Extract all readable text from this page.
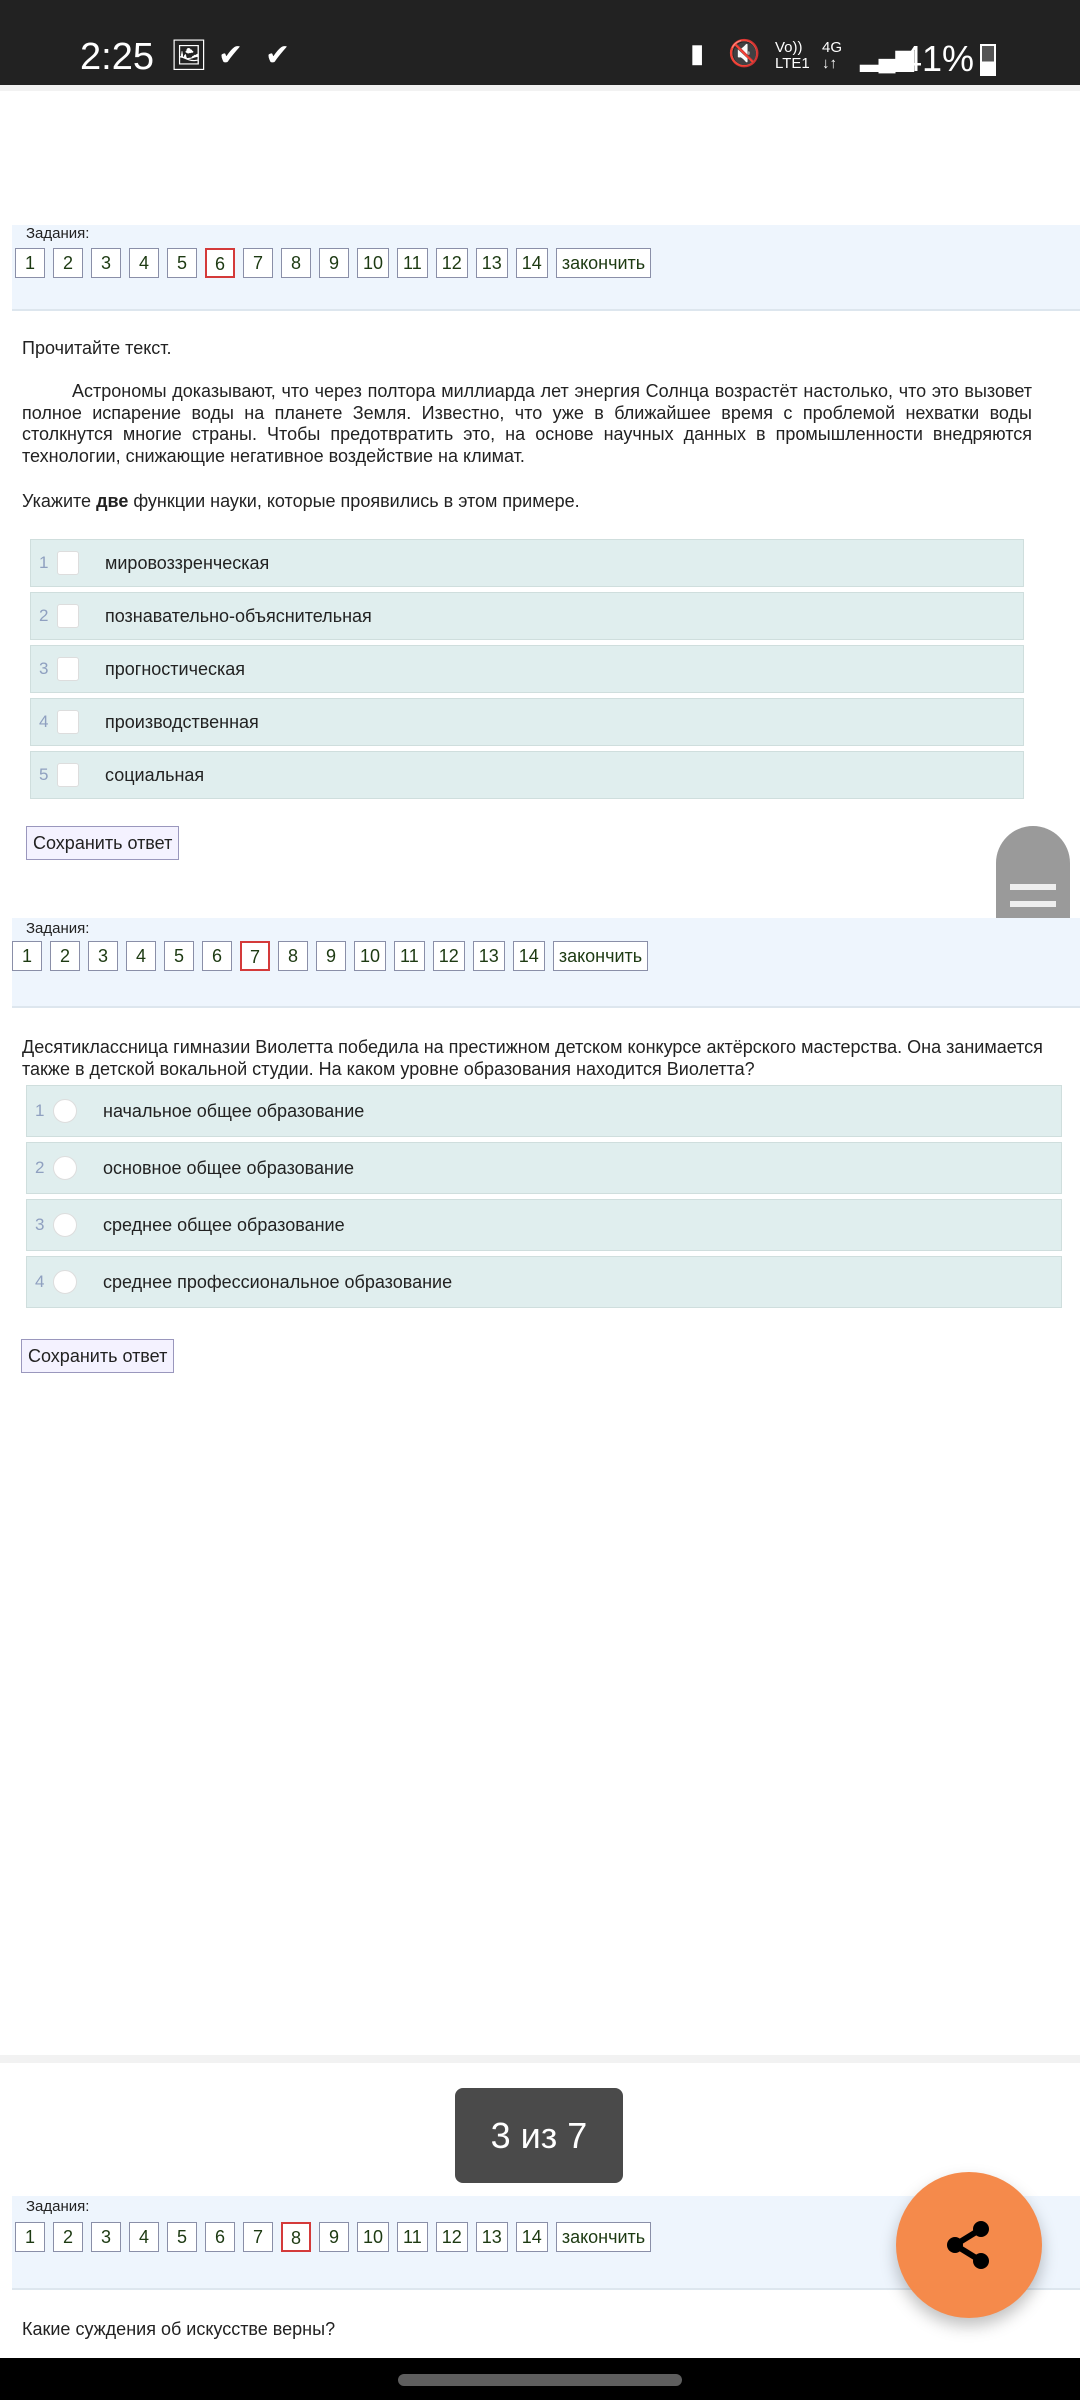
2:25 🖼 ✔ ✔	▮ 🔇 Vo))
LTE1
4G
↓↑ ▂▄▆
41%
Задания:
1	2	3	4	5	6	7	8	9	10	11	12	13	14	закончить
Прочитайте текст.
Астрономы доказывают, что через полтора миллиарда лет энергия Солнца возрастёт настолько, что это вызовет полное испарение воды на планете Земля. Известно, что уже в ближайшее время с проблемой нехватки воды столкнутся многие страны. Чтобы предотвратить это, на основе научных данных в промышленности внедряются технологии, снижающие негативное воздействие на климат.
Укажите две функции науки, которые проявились в этом примере.
1	мировоззренческая
2	познавательно-объяснительная
3	прогностическая
4	производственная
5	социальная
Сохранить ответ
Задания:
1	2	3	4	5	6	7	8	9	10	11	12	13	14	закончить
Десятиклассница гимназии Виолетта победила на престижном детском конкурсе актёрского мастерства. Она занимается также в детской вокальной студии. На каком уровне образования находится Виолетта?
1	начальное общее образование
2	основное общее образование
3	среднее общее образование
4	среднее профессиональное образование
Сохранить ответ
Задания:
1	2	3	4	5	6	7	8	9	10	11	12	13	14	закончить
Какие суждения об искусстве верны?
3 из 7
